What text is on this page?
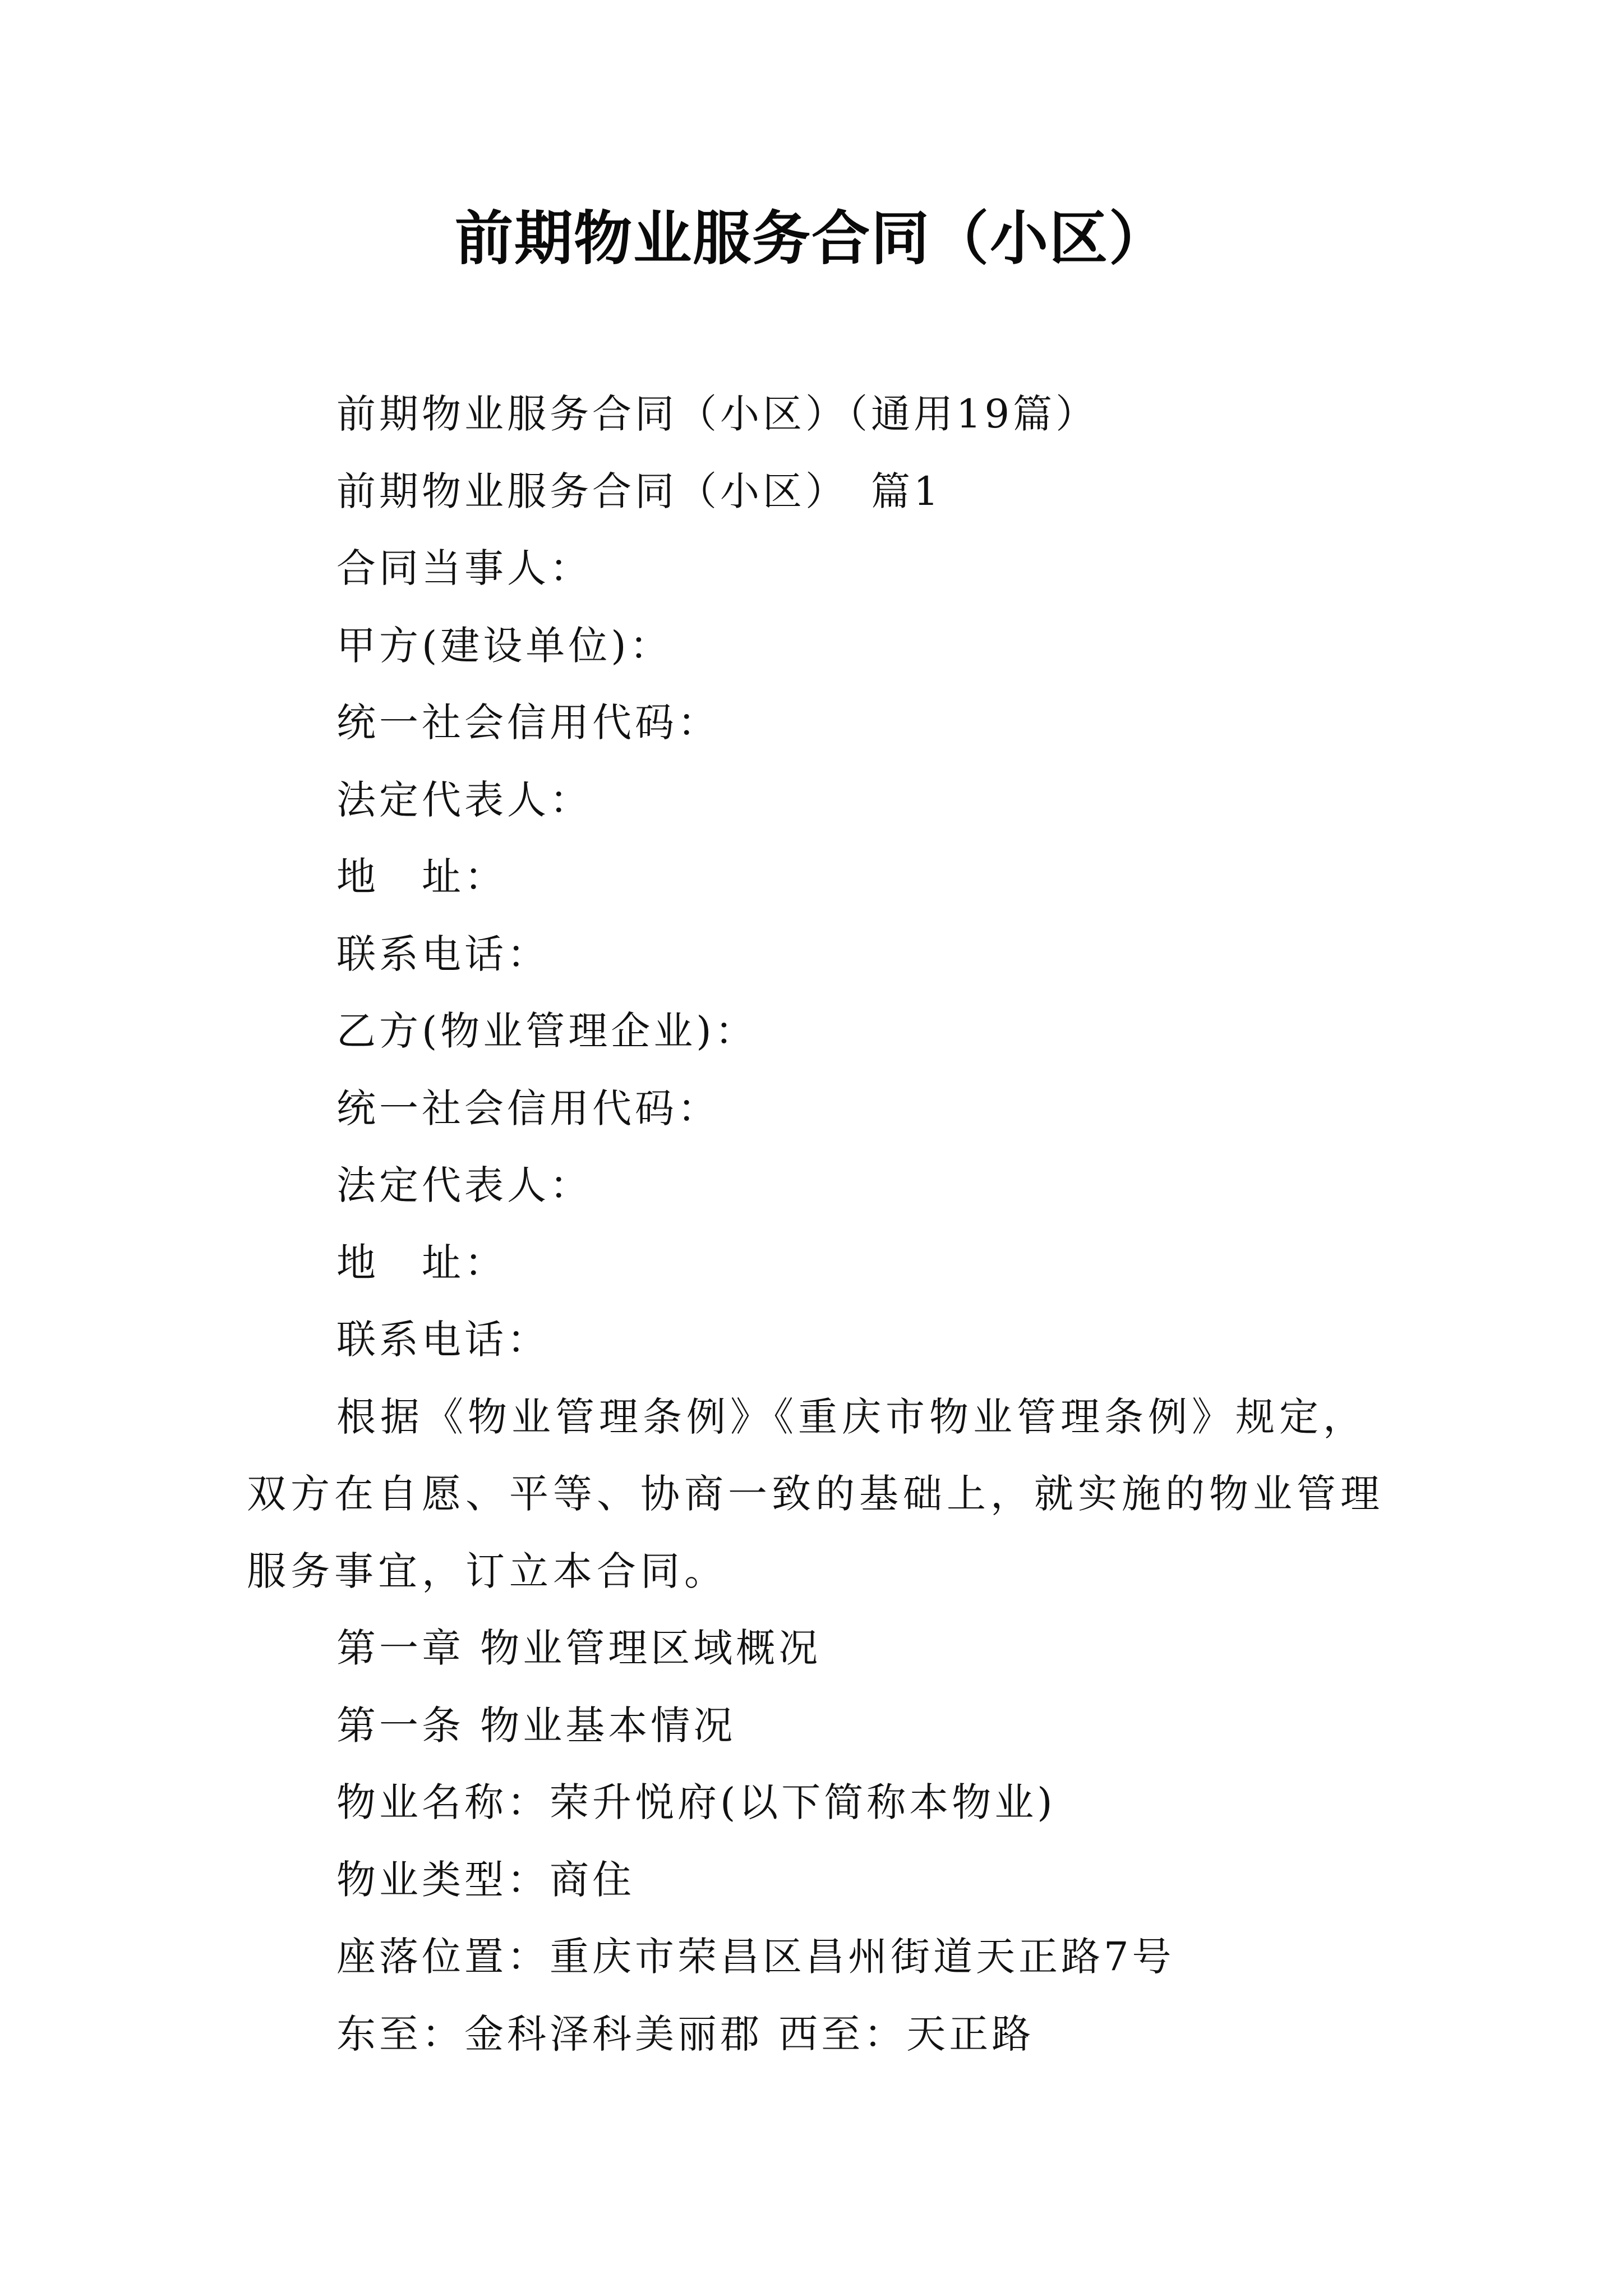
前期物业服务合同（小区）
前期物业服务合同（小区）（通用19篇）
前期物业服务合同（小区）　篇1
合同当事人：
甲方(建设单位)：
统一社会信用代码：
法定代表人：
地　址：
联系电话：
乙方(物业管理企业)：
统一社会信用代码：
法定代表人：
地　址：
联系电话：
根据《物业管理条例》《重庆市物业管理条例》规定，双方在自愿、平等、协商一致的基础上，就实施的物业管理服务事宜，订立本合同。
第一章 物业管理区域概况
第一条 物业基本情况
物业名称：荣升悦府(以下简称本物业)
物业类型：商住
座落位置：重庆市荣昌区昌州街道天正路7号
东至：金科泽科美丽郡 西至：天正路
